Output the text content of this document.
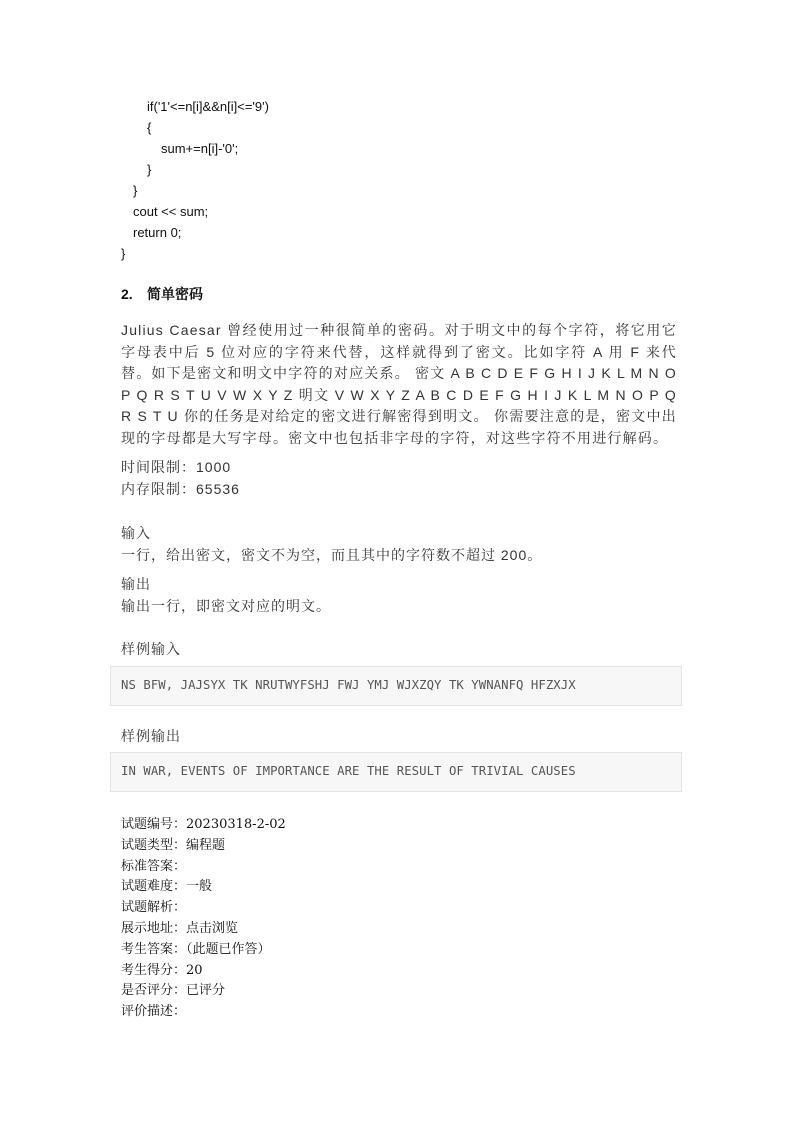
if('1'<=n[i]&&n[i]<='9')
{
sum+=n[i]-'0';
}
}
cout << sum;
return 0;
}
2. 简单密码
Julius Caesar 曾经使用过一种很简单的密码。对于明文中的每个字符，将它用它字母表中后 5 位对应的字符来代替，这样就得到了密文。比如字符 A 用 F 来代替。如下是密文和明文中字符的对应关系。 密文 A B C D E F G H I J K L M N O P Q R S T U V W X Y Z 明文 V W X Y Z A B C D E F G H I J K L M N O P Q R S T U 你的任务是对给定的密文进行解密得到明文。 你需要注意的是，密文中出现的字母都是大写字母。密文中也包括非字母的字符，对这些字符不用进行解码。
时间限制：1000
内存限制：65536
输入
一行，给出密文，密文不为空，而且其中的字符数不超过 200。
输出
输出一行，即密文对应的明文。
样例输入
NS BFW, JAJSYX TK NRUTWYFSHJ FWJ YMJ WJXZQY TK YWNANFQ HFZXJX
样例输出
IN WAR, EVENTS OF IMPORTANCE ARE THE RESULT OF TRIVIAL CAUSES
试题编号：20230318-2-02
试题类型：编程题
标准答案：
试题难度：一般
试题解析：
展示地址：点击浏览
考生答案：（此题已作答）
考生得分：20
是否评分：已评分
评价描述：
